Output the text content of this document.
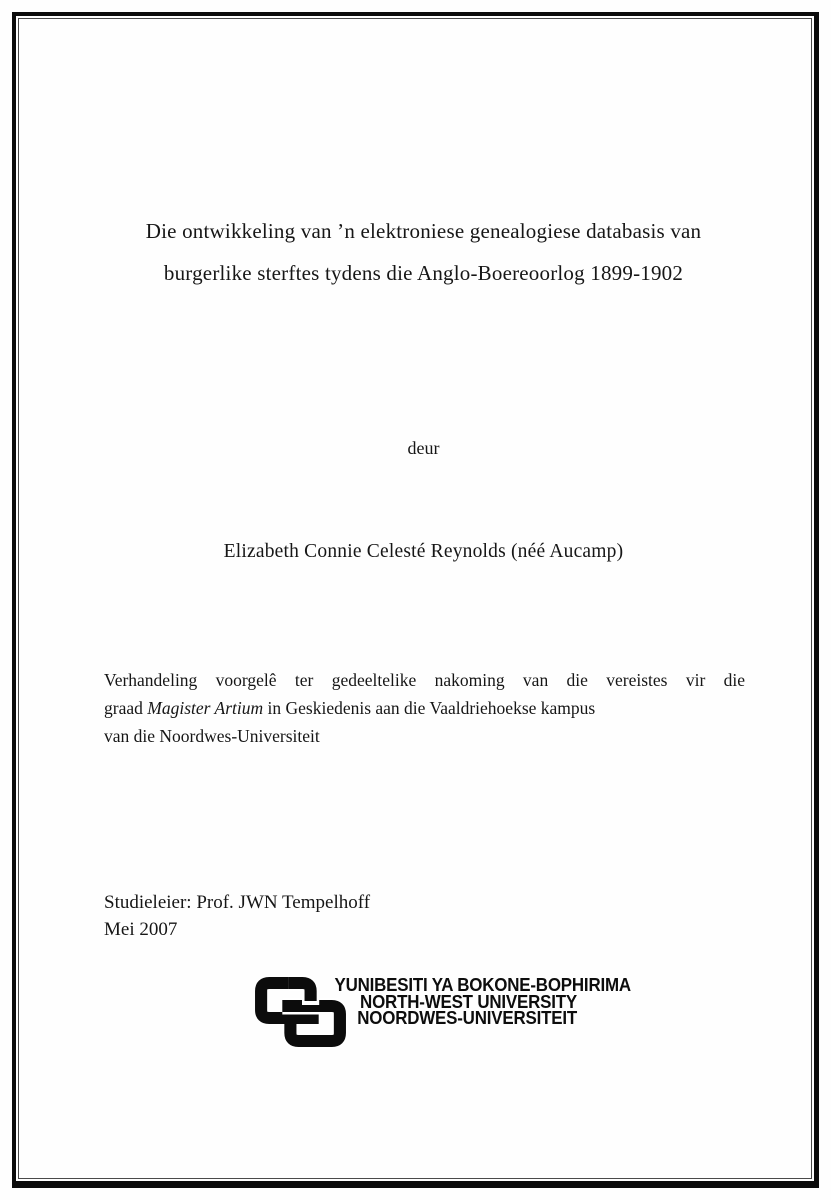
Die ontwikkeling van ’n elektroniese genealogiese databasis van
burgerlike sterftes tydens die Anglo-Boereoorlog 1899-1902
deur
Elizabeth Connie Celesté Reynolds (néé Aucamp)

Verhandeling voorgelê ter gedeeltelike nakoming van die vereistes vir die
graad Magister Artium in Geskiedenis aan die Vaaldriehoekse kampus
van die Noordwes-Universiteit

Studieleier: Prof. JWN Tempelhoff
Mei 2007
YUNIBESITI YA BOKONE-BOPHIRIMA
NORTH-WEST UNIVERSITY
NOORDWES-UNIVERSITEIT
